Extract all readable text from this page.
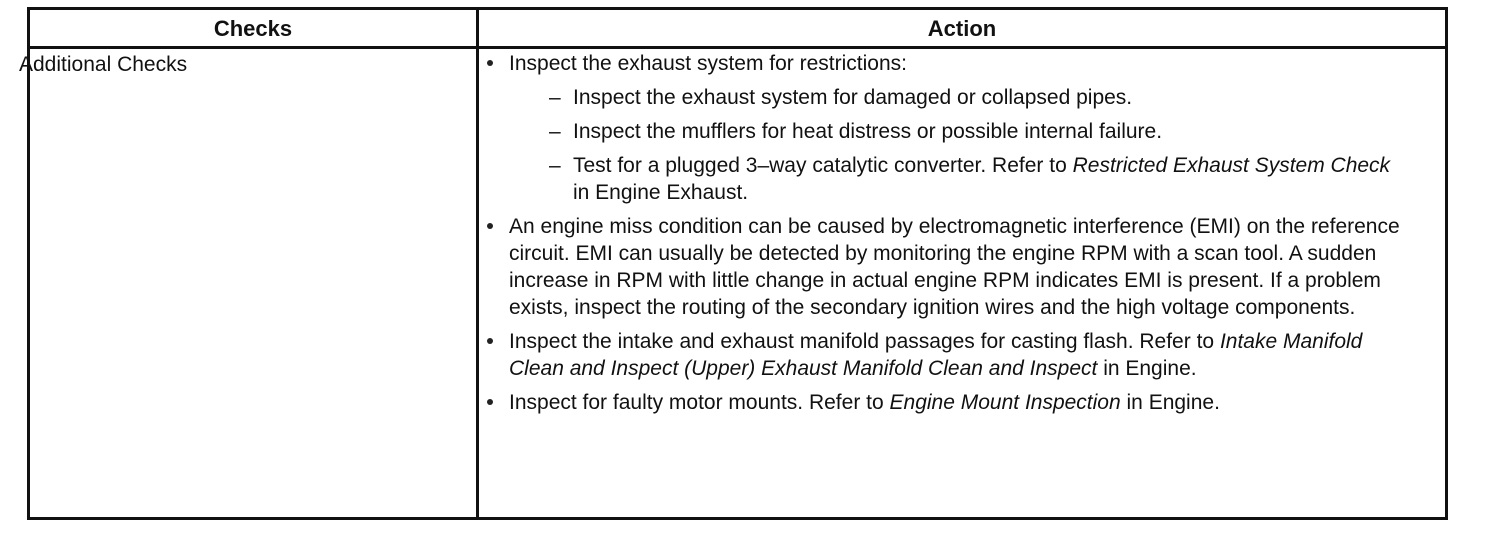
Checks	Action
Additional Checks	Inspect the exhaust system for restrictions:
– Inspect the exhaust system for damaged or collapsed pipes.
– Inspect the mufflers for heat distress or possible internal failure.
– Test for a plugged 3–way catalytic converter. Refer to Restricted Exhaust System Check in Engine Exhaust.
An engine miss condition can be caused by electromagnetic interference (EMI) on the reference circuit. EMI can usually be detected by monitoring the engine RPM with a scan tool. A sudden increase in RPM with little change in actual engine RPM indicates EMI is present. If a problem exists, inspect the routing of the secondary ignition wires and the high voltage components.
Inspect the intake and exhaust manifold passages for casting flash. Refer to Intake Manifold Clean and Inspect (Upper) Exhaust Manifold Clean and Inspect in Engine.
Inspect for faulty motor mounts. Refer to Engine Mount Inspection in Engine.
